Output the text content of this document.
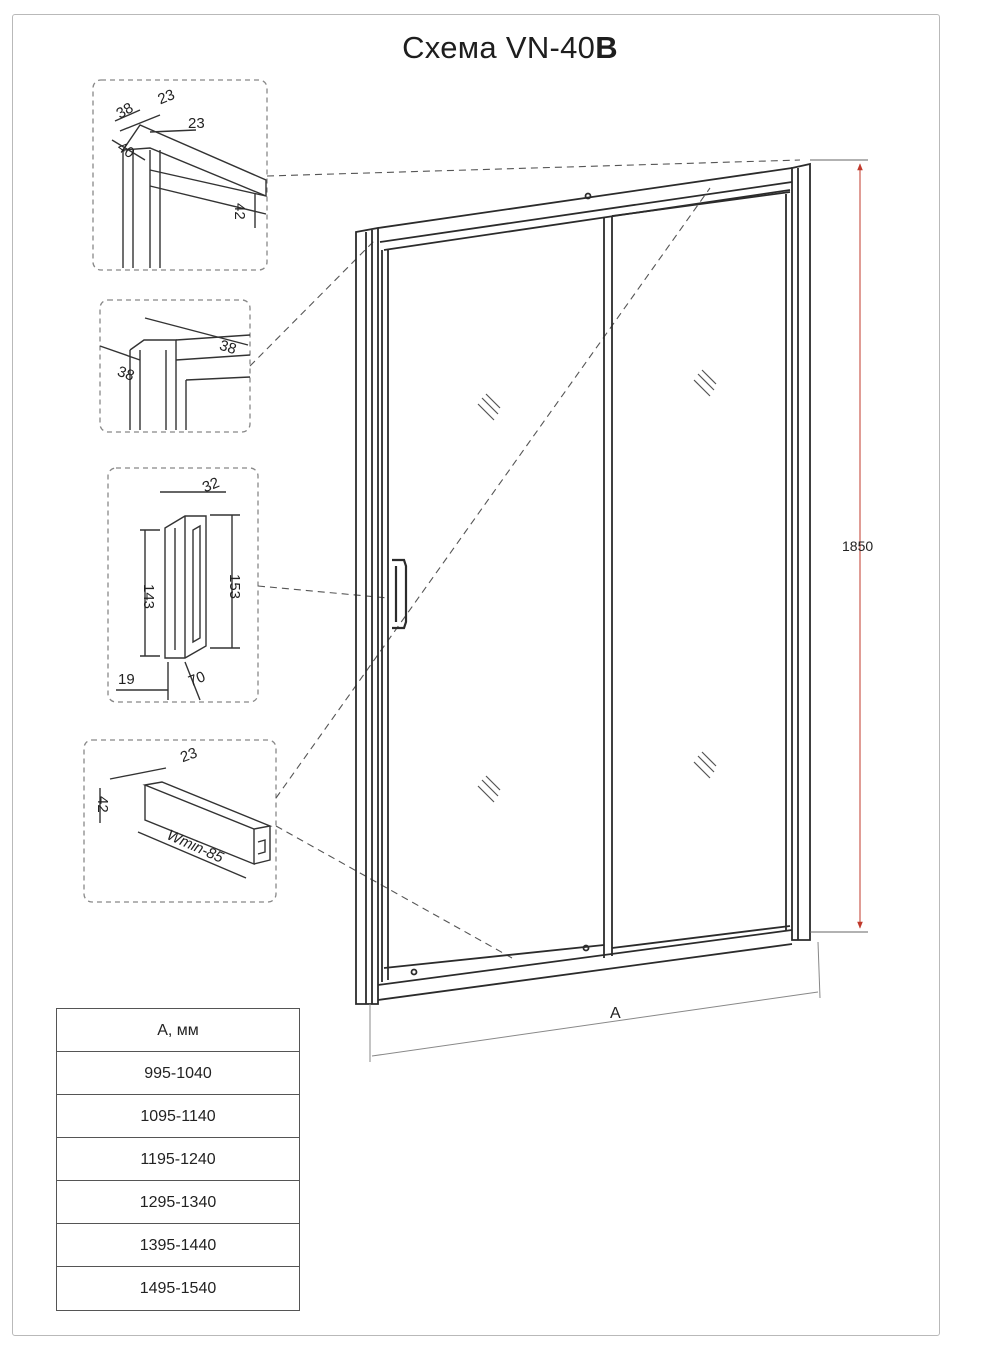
Схема VN-40B
38
23
23
40
42
38
38
32
143	153
19	70
23
42
Wmin-85
1850
A
A, мм
995-1040
1095-1140
1195-1240
1295-1340
1395-1440
1495-1540
